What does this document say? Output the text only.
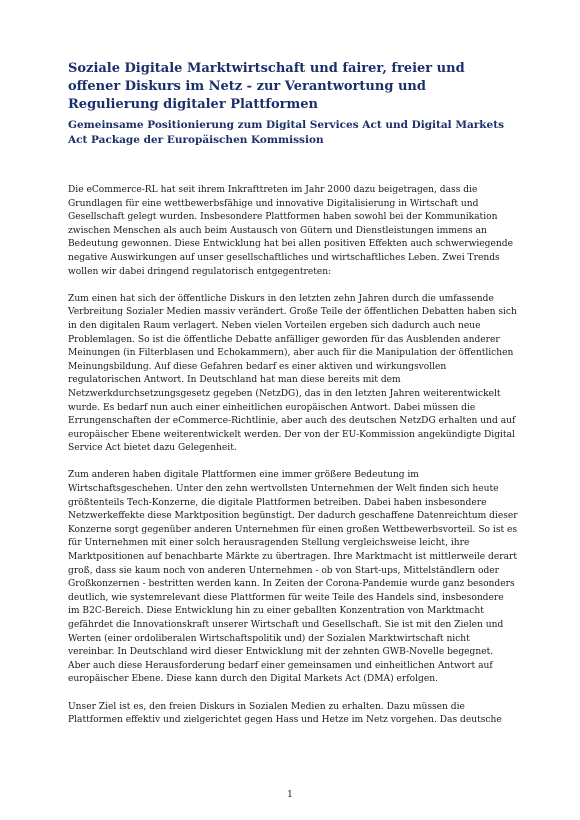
Soziale Digitale Marktwirtschaft und fairer, freier und offener Diskurs im Netz - zur Verantwortung und Regulierung digitaler Plattformen
Gemeinsame Positionierung zum Digital Services Act und Digital Markets Act Package der Europäischen Kommission

Die eCommerce-RL hat seit ihrem Inkrafttreten im Jahr 2000 dazu beigetragen, dass die Grundlagen für eine wettbewerbsfähige und innovative Digitalisierung in Wirtschaft und Gesellschaft gelegt wurden. Insbesondere Plattformen haben sowohl bei der Kommunikation zwischen Menschen als auch beim Austausch von Gütern und Dienstleistungen immens an Bedeutung gewonnen. Diese Entwicklung hat bei allen positiven Effekten auch schwerwiegende negative Auswirkungen auf unser gesellschaftliches und wirtschaftliches Leben. Zwei Trends wollen wir dabei dringend regulatorisch entgegentreten:

Zum einen hat sich der öffentliche Diskurs in den letzten zehn Jahren durch die umfassende Verbreitung Sozialer Medien massiv verändert. Große Teile der öffentlichen Debatten haben sich in den digitalen Raum verlagert. Neben vielen Vorteilen ergeben sich dadurch auch neue Problemlagen. So ist die öffentliche Debatte anfälliger geworden für das Ausblenden anderer Meinungen (in Filterblasen und Echokammern), aber auch für die Manipulation der öffentlichen Meinungsbildung. Auf diese Gefahren bedarf es einer aktiven und wirkungsvollen regulatorischen Antwort. In Deutschland hat man diese bereits mit dem Netzwerkdurchsetzungsgesetz gegeben (NetzDG), das in den letzten Jahren weiterentwickelt wurde. Es bedarf nun auch einer einheitlichen europäischen Antwort. Dabei müssen die Errungenschaften der eCommerce-Richtlinie, aber auch des deutschen NetzDG erhalten und auf europäischer Ebene weiterentwickelt werden. Der von der EU-Kommission angekündigte Digital Service Act bietet dazu Gelegenheit.

Zum anderen haben digitale Plattformen eine immer größere Bedeutung im Wirtschaftsgeschehen. Unter den zehn wertvollsten Unternehmen der Welt finden sich heute größtenteils Tech-Konzerne, die digitale Plattformen betreiben. Dabei haben insbesondere Netzwerkeffekte diese Marktposition begünstigt. Der dadurch geschaffene Datenreichtum dieser Konzerne sorgt gegenüber anderen Unternehmen für einen großen Wettbewerbsvorteil. So ist es für Unternehmen mit einer solch herausragenden Stellung vergleichsweise leicht, ihre Marktpositionen auf benachbarte Märkte zu übertragen. Ihre Marktmacht ist mittlerweile derart groß, dass sie kaum noch von anderen Unternehmen - ob von Start-ups, Mittelständlern oder Großkonzernen - bestritten werden kann. In Zeiten der Corona-Pandemie wurde ganz besonders deutlich, wie systemrelevant diese Plattformen für weite Teile des Handels sind, insbesondere im B2C-Bereich. Diese Entwicklung hin zu einer geballten Konzentration von Marktmacht gefährdet die Innovationskraft unserer Wirtschaft und Gesellschaft. Sie ist mit den Zielen und Werten (einer ordoliberalen Wirtschaftspolitik und) der Sozialen Marktwirtschaft nicht vereinbar. In Deutschland wird dieser Entwicklung mit der zehnten GWB-Novelle begegnet. Aber auch diese Herausforderung bedarf einer gemeinsamen und einheitlichen Antwort auf europäischer Ebene. Diese kann durch den Digital Markets Act (DMA) erfolgen.

Unser Ziel ist es, den freien Diskurs in Sozialen Medien zu erhalten. Dazu müssen die Plattformen effektiv und zielgerichtet gegen Hass und Hetze im Netz vorgehen. Das deutsche

1
